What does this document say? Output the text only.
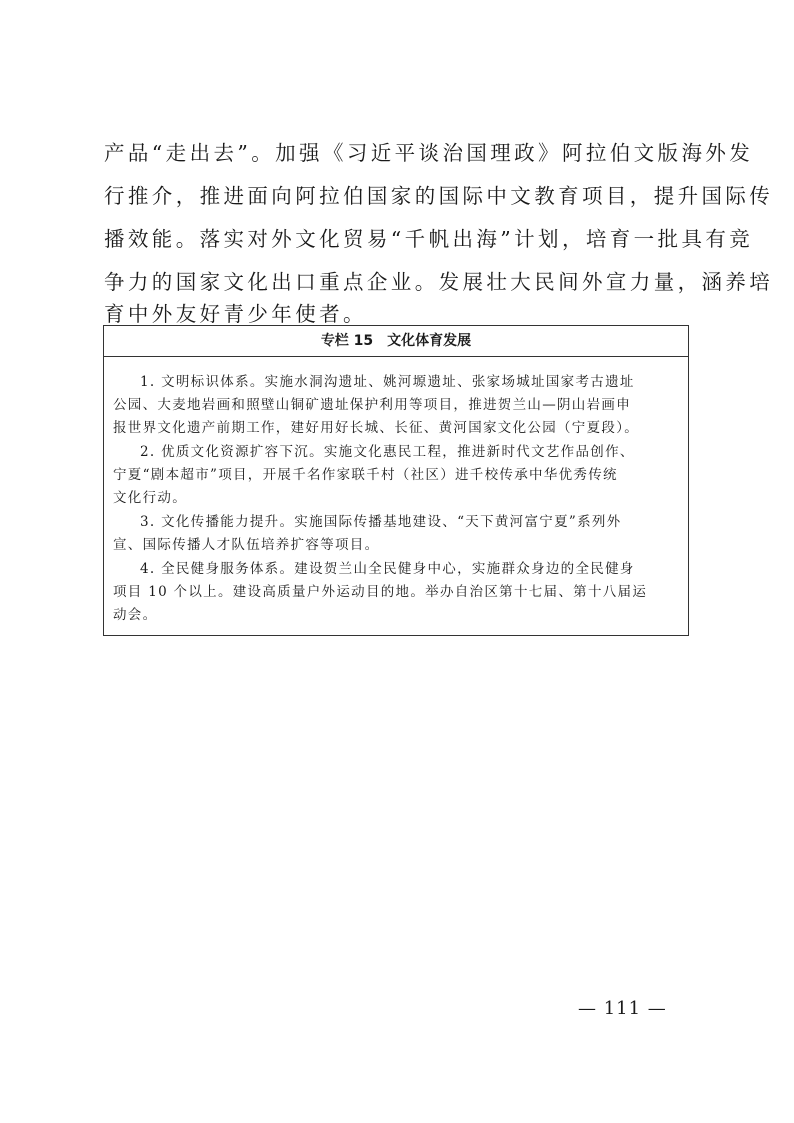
产品“走出去”。加强《习近平谈治国理政》阿拉伯文版海外发
行推介，推进面向阿拉伯国家的国际中文教育项目，提升国际传
播效能。落实对外文化贸易“千帆出海”计划，培育一批具有竞
争力的国家文化出口重点企业。发展壮大民间外宣力量，涵养培
育中外友好青少年使者。
专栏 15　文化体育发展
1. 文明标识体系。实施水洞沟遗址、姚河塬遗址、张家场城址国家考古遗址
公园、大麦地岩画和照壁山铜矿遗址保护利用等项目，推进贺兰山—阴山岩画申
报世界文化遗产前期工作，建好用好长城、长征、黄河国家文化公园（宁夏段）。
2. 优质文化资源扩容下沉。实施文化惠民工程，推进新时代文艺作品创作、
宁夏“剧本超市”项目，开展千名作家联千村（社区）进千校传承中华优秀传统
文化行动。
3. 文化传播能力提升。实施国际传播基地建设、“天下黄河富宁夏”系列外
宣、国际传播人才队伍培养扩容等项目。
4. 全民健身服务体系。建设贺兰山全民健身中心，实施群众身边的全民健身
项目 10 个以上。建设高质量户外运动目的地。举办自治区第十七届、第十八届运
动会。
— 111 —
